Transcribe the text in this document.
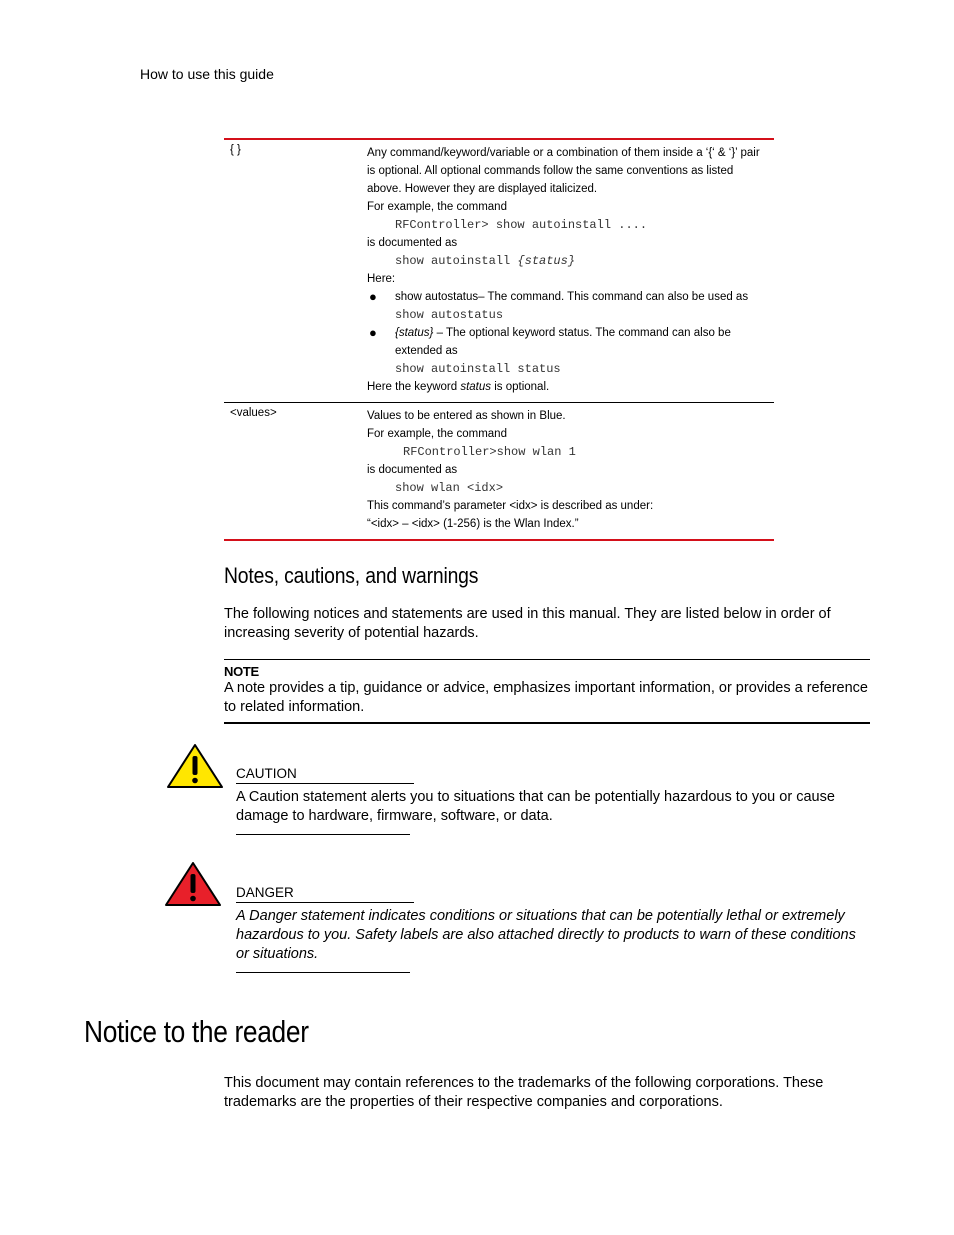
How to use this guide
{ }	Any command/keyword/variable or a combination of them inside a ‘{‘ & ‘}’ pair is optional. All optional commands follow the same conventions as listed above. However they are displayed italicized.

For example, the command

RFController> show autoinstall ....

is documented as

show autoinstall {status}

Here:

● show autostatus– The command. This command can also be used as

show autostatus

● {status} – The optional keyword status. The command can also be extended as

show autoinstall status

Here the keyword status is optional.

<values>	Values to be entered as shown in Blue.

For example, the command

RFController>show wlan 1

is documented as

show wlan <idx>

This command’s parameter <idx> is described as under:

“<idx> – <idx> (1-256) is the Wlan Index.”

Notes, cautions, and warnings
The following notices and statements are used in this manual. They are listed below in order of increasing severity of potential hazards.
NOTE
A note provides a tip, guidance or advice, emphasizes important information, or provides a reference to related information.
CAUTION
A Caution statement alerts you to situations that can be potentially hazardous to you or cause damage to hardware, firmware, software, or data.
DANGER
A Danger statement indicates conditions or situations that can be potentially lethal or extremely hazardous to you. Safety labels are also attached directly to products to warn of these conditions or situations.
Notice to the reader
This document may contain references to the trademarks of the following corporations. These trademarks are the properties of their respective companies and corporations.
